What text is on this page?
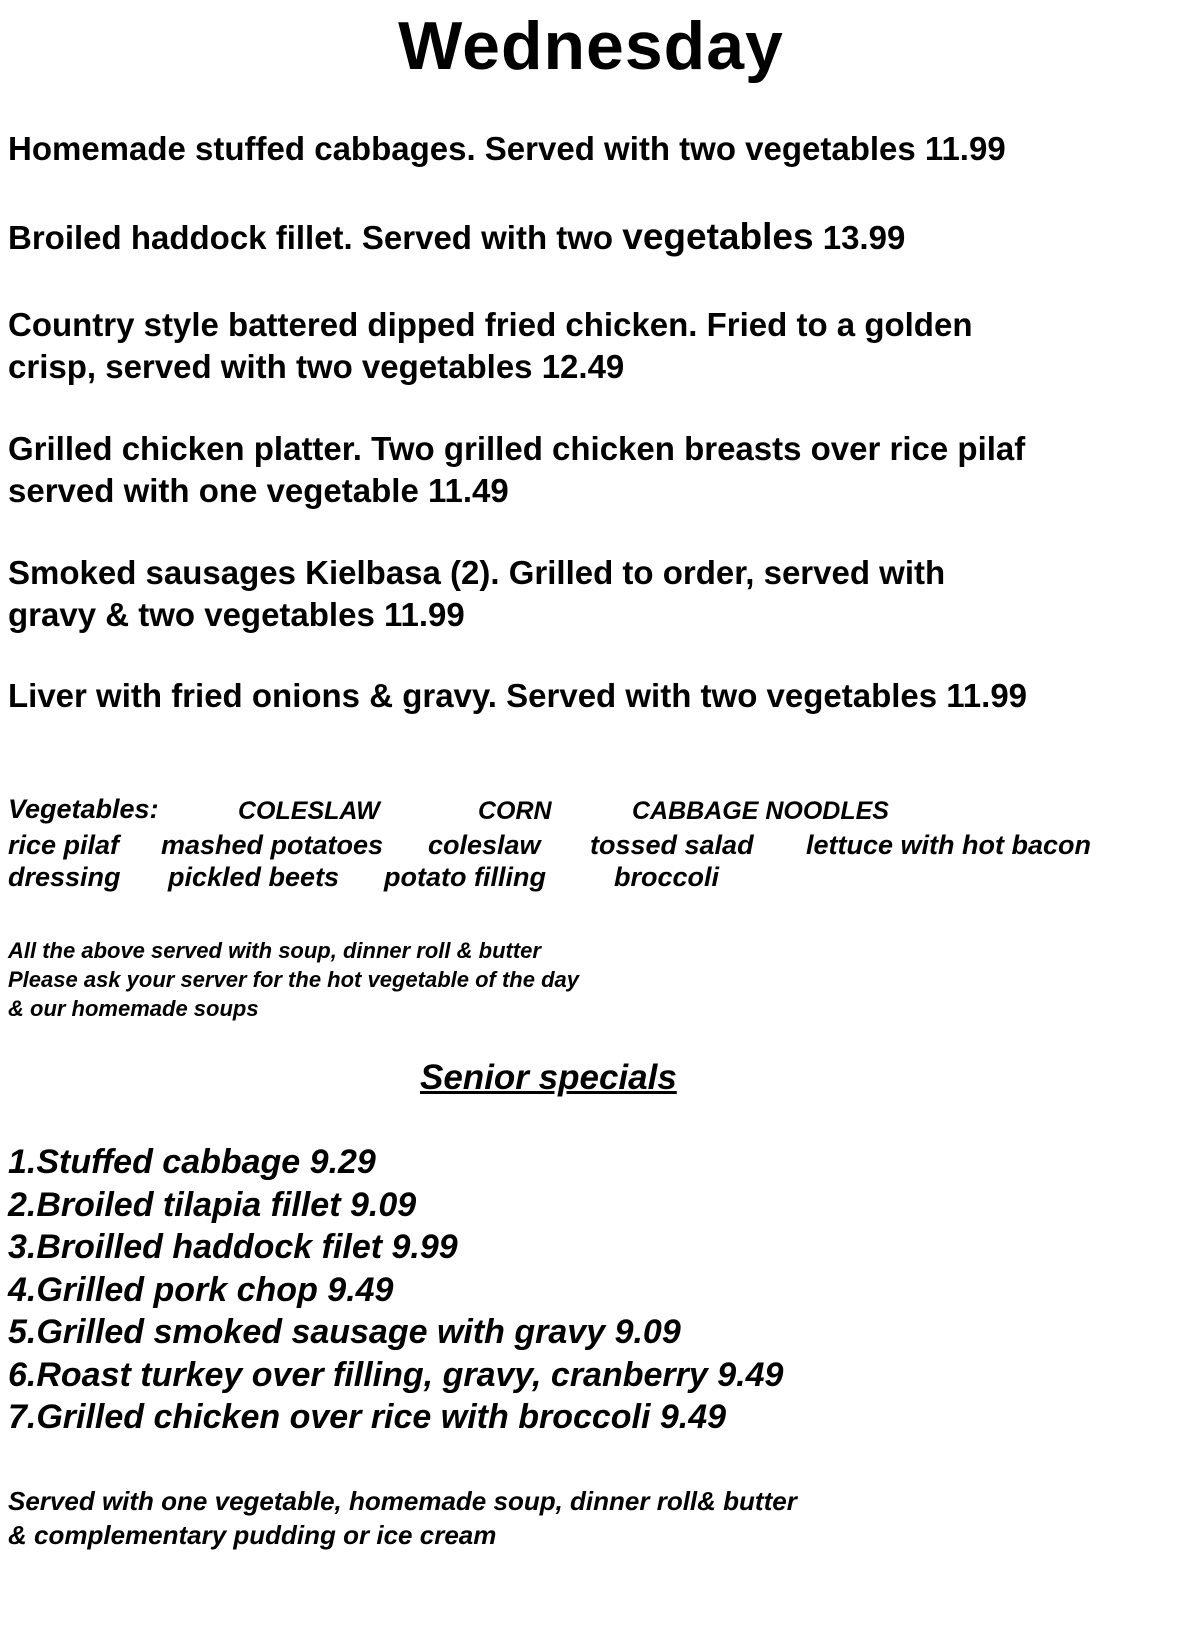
Wednesday

Homemade stuffed cabbages. Served with two vegetables 11.99

Broiled haddock fillet. Served with two vegetables 13.99

Country style battered dipped fried chicken. Fried to a golden
crisp, served with two vegetables 12.49

Grilled chicken platter. Two grilled chicken breasts over rice pilaf
served with one vegetable 11.49

Smoked sausages Kielbasa (2). Grilled to order, served with
gravy & two vegetables 11.99

Liver with fried onions & gravy. Served with two vegetables 11.99

Vegetables:	COLESLAW	CORN	CABBAGE NOODLES

rice pilaf mashed potatoes coleslaw tossed salad lettuce with hot bacon
dressing pickled beets potato filling	broccoli

All the above served with soup, dinner roll & butter
Please ask your server for the hot vegetable of the day
& our homemade soups

Senior specials
1.Stuffed cabbage 9.29
2.Broiled tilapia fillet 9.09
3.Broilled haddock filet 9.99
4.Grilled pork chop 9.49
5.Grilled smoked sausage with gravy 9.09
6.Roast turkey over filling, gravy, cranberry 9.49
7.Grilled chicken over rice with broccoli 9.49

Served with one vegetable, homemade soup, dinner roll& butter
& complementary pudding or ice cream
